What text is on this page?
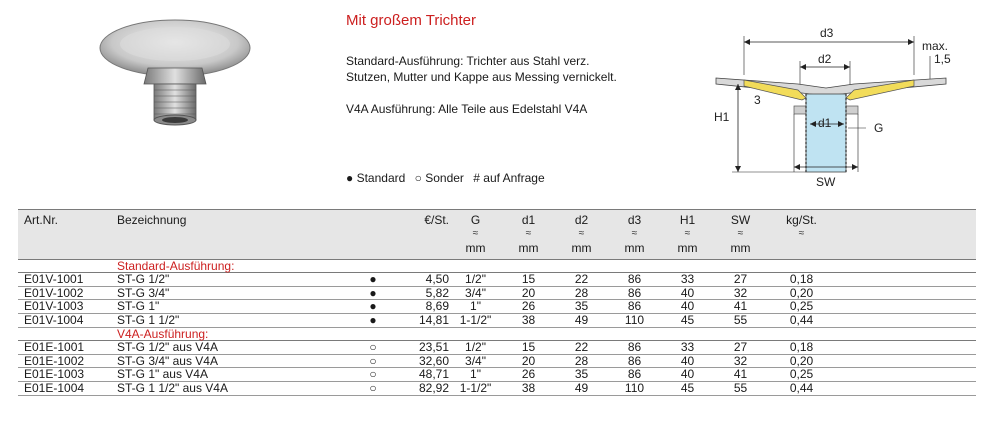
Mit großem Trichter
Standard-Ausführung: Trichter aus Stahl verz.
Stutzen, Mutter und Kappe aus Messing vernickelt.
V4A Ausführung: Alle Teile aus Edelstahl V4A
● Standard ○ Sonder # auf Anfrage
d3
d2
max.
1,5
d1	G
3
H1
SW
Art.Nr.	Bezeichnung		€/St.	G	d1	d2	d3	H1	SW	kg/St.
				≈	≈	≈	≈	≈	≈	≈
				mm	mm	mm	mm	mm	mm	
	Standard-Ausführung:									
E01V-1001	ST-G 1/2"	●	4,50	1/2"	15	22	86	33	27	0,18
E01V-1002	ST-G 3/4"	●	5,82	3/4"	20	28	86	40	32	0,20
E01V-1003	ST-G 1"	●	8,69	1"	26	35	86	40	41	0,25
E01V-1004	ST-G 1 1/2"	●	14,81	1-1/2"	38	49	110	45	55	0,44
	V4A-Ausführung:									
E01E-1001	ST-G 1/2" aus V4A	○	23,51	1/2"	15	22	86	33	27	0,18
E01E-1002	ST-G 3/4" aus V4A	○	32,60	3/4"	20	28	86	40	32	0,20
E01E-1003	ST-G 1" aus V4A	○	48,71	1"	26	35	86	40	41	0,25
E01E-1004	ST-G 1 1/2" aus V4A	○	82,92	1-1/2"	38	49	110	45	55	0,44
